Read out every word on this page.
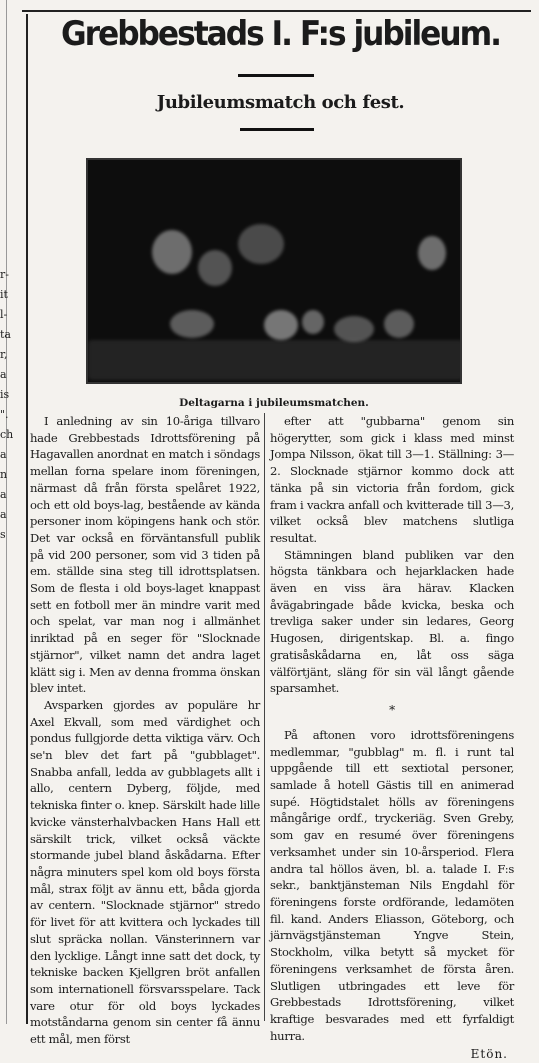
r-
it
l-
ta
r,
a
is
".
ch
a
n
a
a
s
Grebbestads I. F:s jubileum.
Jubileumsmatch och fest.
Deltagarna i jubileumsmatchen.

I anledning av sin 10-åriga tillvaro hade Grebbestads Idrottsförening på Hagavallen anordnat en match i söndags mellan forna spelare inom föreningen, närmast då från första spelåret 1922, och ett old boys-lag, bestående av kända personer inom köpingens hank och stör. Det var också en förväntansfull publik på vid 200 personer, som vid 3 tiden på em. ställde sina steg till idrottsplatsen. Som de flesta i old boys-laget knappast sett en fotboll mer än mindre varit med och spelat, var man nog i allmänhet inriktad på en seger för "Slocknade stjärnor", vilket namn det andra laget klätt sig i. Men av denna fromma önskan blev intet.

Avsparken gjordes av populäre hr Axel Ekvall, som med värdighet och pondus fullgjorde detta viktiga värv. Och se'n blev det fart på "gubblaget". Snabba anfall, ledda av gubblagets allt i allo, centern Dyberg, följde, med tekniska finter o. knep. Särskilt hade lille kvicke vänsterhalvbacken Hans Hall ett särskilt trick, vilket också väckte stormande jubel bland åskådarna. Efter några minuters spel kom old boys första mål, strax följt av ännu ett, båda gjorda av centern. "Slocknade stjärnor" stredo för livet för att kvittera och lyckades till slut spräcka nollan. Vänsterinnern var den lycklige. Långt inne satt det dock, ty tekniske backen Kjellgren bröt anfallen som internationell försvarsspelare. Tack vare otur för old boys lyckades motståndarna genom sin center få ännu ett mål, men först

efter att "gubbarna" genom sin högerytter, som gick i klass med minst Jompa Nilsson, ökat till 3—1. Ställning: 3—2. Slocknade stjärnor kommo dock att tänka på sin victoria från fordom, gick fram i vackra anfall och kvitterade till 3—3, vilket också blev matchens slutliga resultat.

Stämningen bland publiken var den högsta tänkbara och hejarklacken hade även en viss ära härav. Klacken åvägabringade både kvicka, beska och trevliga saker under sin ledares, Georg Hugosen, dirigentskap. Bl. a. fingo gratisåskådarna en, låt oss säga välförtjänt, släng för sin väl långt gående sparsamhet.

*

På aftonen voro idrottsföreningens medlemmar, "gubblag" m. fl. i runt tal uppgående till ett sextiotal personer, samlade å hotell Gästis till en animerad supé. Högtidstalet hölls av föreningens mångårige ordf., tryckeriäg. Sven Greby, som gav en resumé över föreningens verksamhet under sin 10-årsperiod. Flera andra tal höllos även, bl. a. talade I. F:s sekr., banktjänsteman Nils Engdahl för föreningens forste ordförande, ledamöten fil. kand. Anders Eliasson, Göteborg, och järnvägstjänsteman Yngve Stein, Stockholm, vilka betytt så mycket för föreningens verksamhet de första åren. Slutligen utbringades ett leve för Grebbestads Idrottsförening, vilket kraftige besvarades med ett fyrfaldigt hurra.

Etön.
